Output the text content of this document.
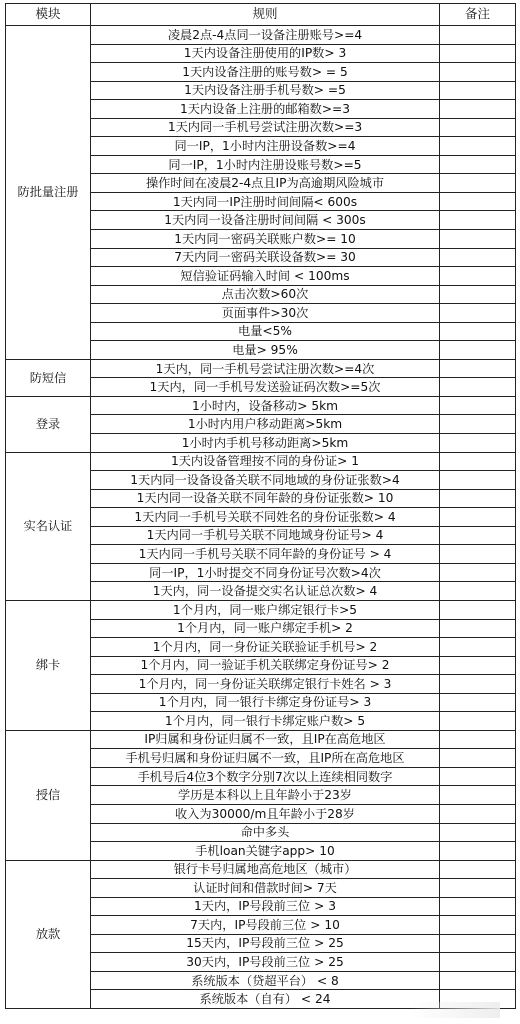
模块	规则	备注
防批量注册	凌晨2点-4点同一设备注册账号>=4	
	1天内设备注册使用的IP数> 3	
	1天内设备注册的账号数> = 5	
	1天内设备注册手机号数> =5	
	1天内设备上注册的邮箱数>=3	
	1天内同一手机号尝试注册次数>=3	
	同一IP，1小时内注册设备数>=4	
	同一IP，1小时内注册设账号数>=5	
	操作时间在凌晨2-4点且IP为高逾期风险城市	
	1天内同一IP注册时间间隔< 600s	
	1天内同一设备注册时间间隔 < 300s	
	1天内同一密码关联账户数>= 10	
	7天内同一密码关联设备数>= 30	
	短信验证码输入时间 < 100ms	
	点击次数>60次	
	页面事件>30次	
	电量<5%	
	电量> 95%	
防短信	1天内，同一手机号尝试注册次数>=4次	
	1天内，同一手机号发送验证码次数>=5次	
登录	1小时内，设备移动> 5km	
	1小时内用户移动距离>5km	
	1小时内手机号移动距离>5km	
实名认证	1天内设备管理按不同的身份证> 1	
	1天内同一设备设备关联不同地域的身份证张数>4	
	1天内同一设备关联不同年龄的身份证张数> 10	
	1天内同一手机号关联不同姓名的身份证张数> 4	
	1天内同一手机号关联不同地域身份证号> 4	
	1天内同一手机号关联不同年龄的身份证号 > 4	
	同一IP，1小时提交不同身份证号次数>4次	
	1天内，同一设备提交实名认证总次数> 4	
绑卡	1个月内，同一账户绑定银行卡>5	
	1个月内，同一账户绑定手机> 2	
	1个月内，同一身份证关联验证手机号> 2	
	1个月内，同一验证手机关联绑定身份证号> 2	
	1个月内，同一身份证关联绑定银行卡姓名 > 3	
	1个月内，同一银行卡绑定身份证号> 3	
	1个月内，同一银行卡绑定账户数> 5	
授信	IP归属和身份证归属不一致，且IP在高危地区	
	手机号归属和身份证归属不一致，且IP所在高危地区	
	手机号后4位3个数字分别7次以上连续相同数字	
	学历是本科以上且年龄小于23岁	
	收入为30000/m且年龄小于28岁	
	命中多头	
	手机loan关键字app> 10	
放款	银行卡号归属地高危地区（城市）	
	认证时间和借款时间> 7天	
	1天内，IP号段前三位 > 3	
	7天内，IP号段前三位 > 10	
	15天内，IP号段前三位 > 25	
	30天内，IP号段前三位 > 25	
	系统版本（贷超平台） < 8	
	系统版本（自有） < 24	
